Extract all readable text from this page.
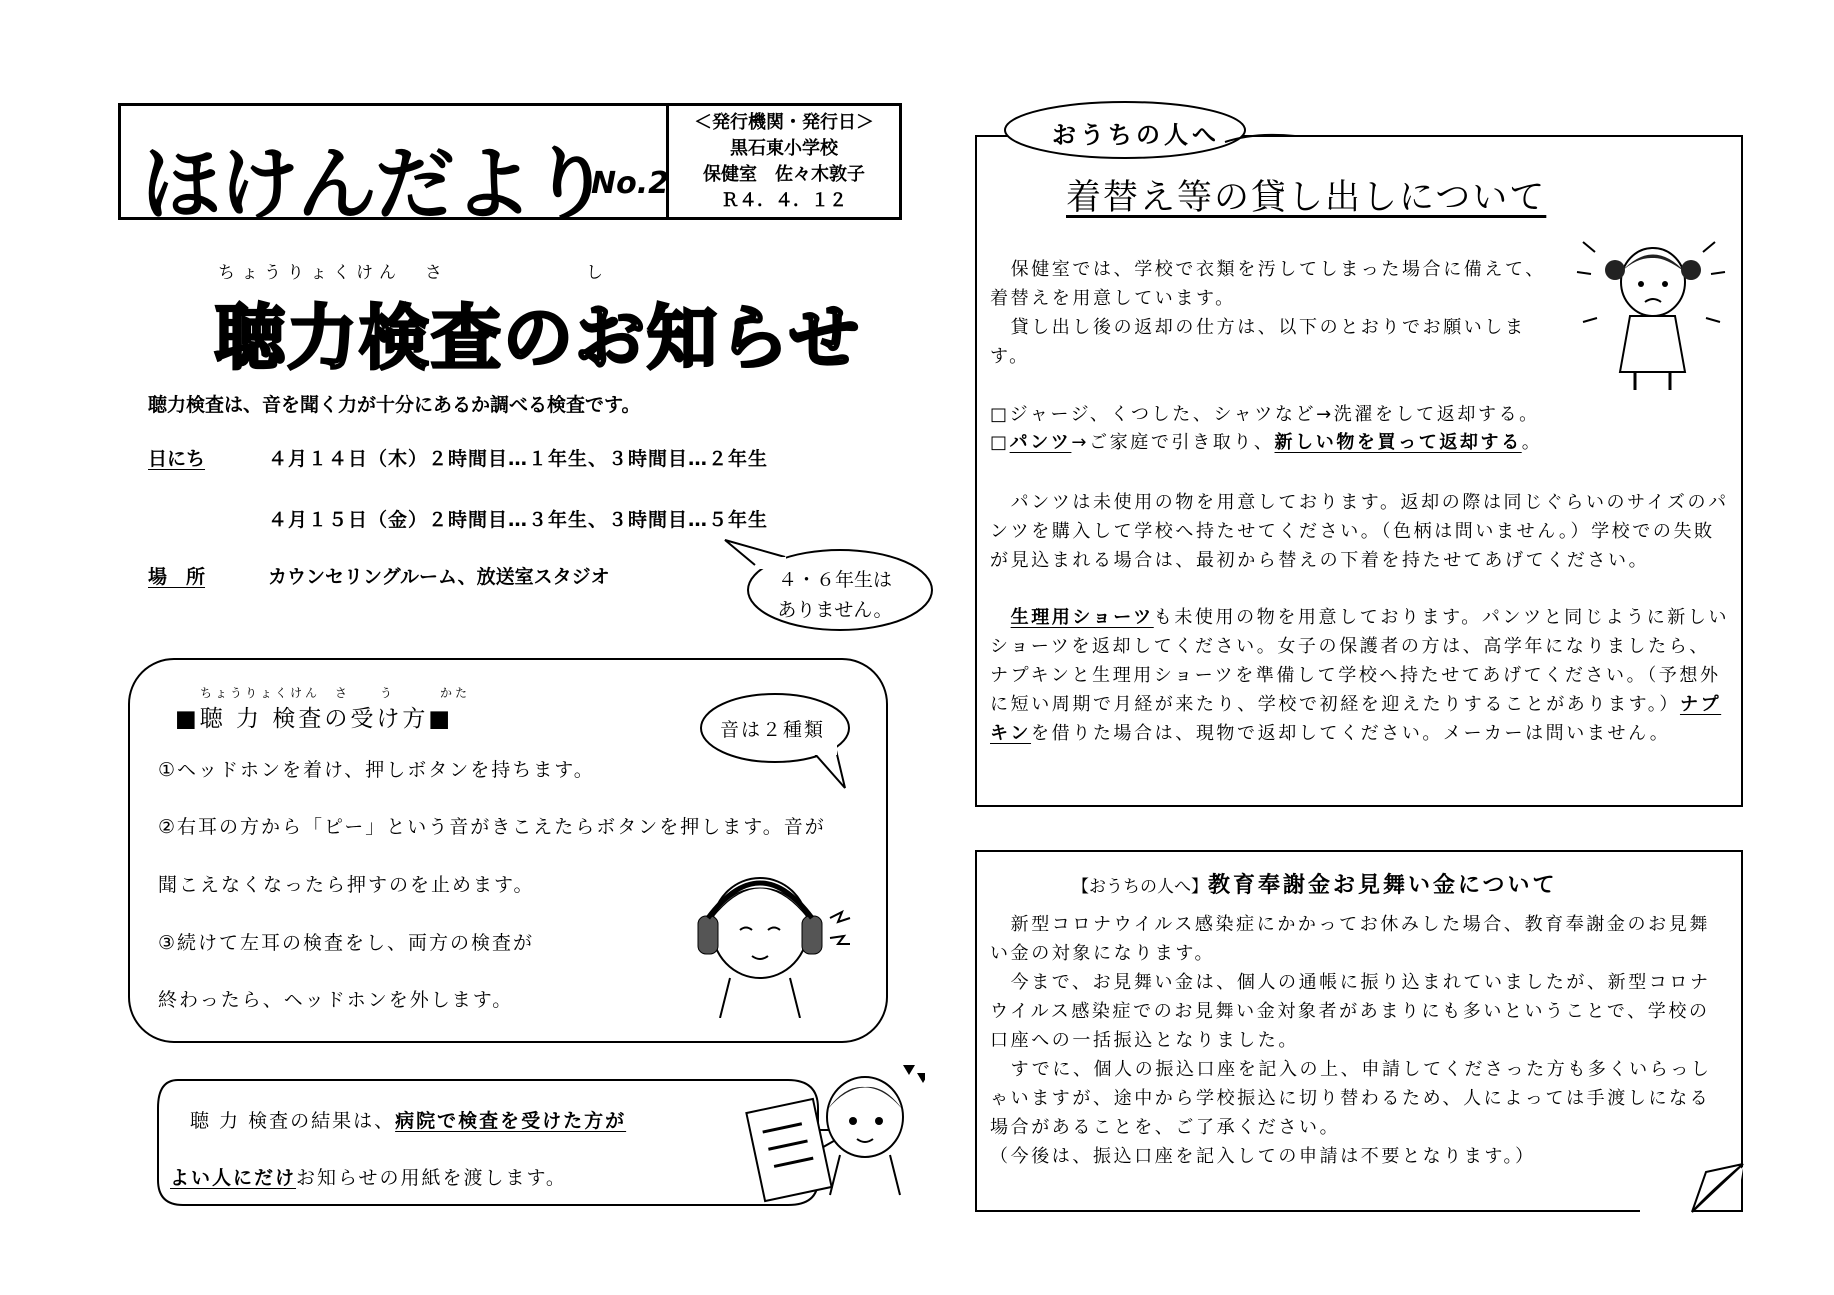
ほけんだより
No.2
＜発行機関・発行日＞
黒石東小学校
保健室　佐々木敦子
Ｒ４．４．１２
ちょうりょくけん　さ　　　　　　し
聴力検査のお知らせ
聴力検査は、音を聞く力が十分にあるか調べる検査です。
日にち	４月１４日（木）２時間目…１年生、３時間目…２年生
４月１５日（金）２時間目…３年生、３時間目…５年生
場　所	カウンセリングルーム、放送室スタジオ	４・６年生は
ありません。
ちょうりょくけん　さ　　う　　　かた
■聴 力 検査の受け方■	音は２種類
①ヘッドホンを着け、押しボタンを持ちます。
②右耳の方から「ピー」という音がきこえたらボタンを押します。音が
聞こえなくなったら押すのを止めます。
③続けて左耳の検査をし、両方の検査が
終わったら、ヘッドホンを外します。
聴 力 検査の結果は、病院で検査を受けた方が
よい人にだけお知らせの用紙を渡します。
おうちの人へ
着替え等の貸し出しについて
　保健室では、学校で衣類を汚してしまった場合に備えて、着替えを用意しています。
　貸し出し後の返却の仕方は、以下のとおりでお願いします。
□ジャージ、くつした、シャツなど→洗濯をして返却する。
□パンツ→ご家庭で引き取り、新しい物を買って返却する。
　パンツは未使用の物を用意しております。返却の際は同じぐらいのサイズのパンツを購入して学校へ持たせてください。（色柄は問いません。）学校での失敗が見込まれる場合は、最初から替えの下着を持たせてあげてください。
　生理用ショーツも未使用の物を用意しております。パンツと同じように新しいショーツを返却してください。女子の保護者の方は、高学年になりましたら、ナプキンと生理用ショーツを準備して学校へ持たせてあげてください。（予想外に短い周期で月経が来たり、学校で初経を迎えたりすることがあります。）ナプキンを借りた場合は、現物で返却してください。メーカーは問いません。
【おうちの人へ】教育奉謝金お見舞い金について
　新型コロナウイルス感染症にかかってお休みした場合、教育奉謝金のお見舞い金の対象になります。
　今まで、お見舞い金は、個人の通帳に振り込まれていましたが、新型コロナウイルス感染症でのお見舞い金対象者があまりにも多いということで、学校の口座への一括振込となりました。
　すでに、個人の振込口座を記入の上、申請してくださった方も多くいらっしゃいますが、途中から学校振込に切り替わるため、人によっては手渡しになる場合があることを、ご了承ください。
（今後は、振込口座を記入しての申請は不要となります。）
